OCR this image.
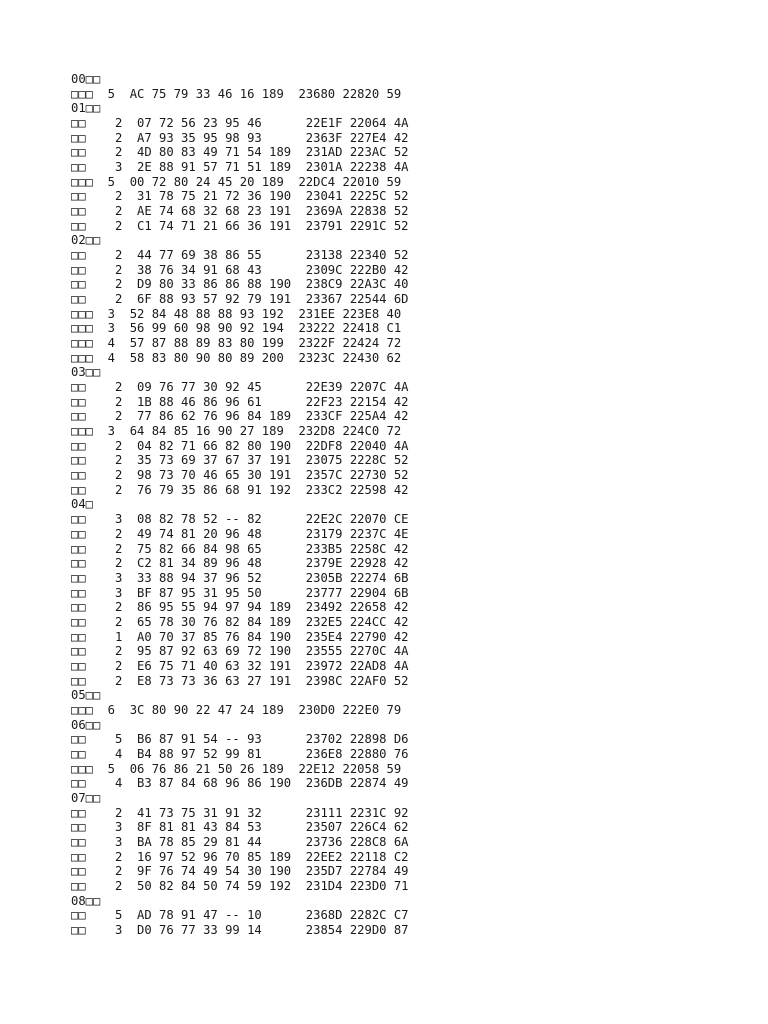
00□□
□□□  5  AC 75 79 33 46 16 189  23680 22820 59
01□□
□□    2  07 72 56 23 95 46      22E1F 22064 4A
□□    2  A7 93 35 95 98 93      2363F 227E4 42
□□    2  4D 80 83 49 71 54 189  231AD 223AC 52
□□    3  2E 88 91 57 71 51 189  2301A 22238 4A
□□□  5  00 72 80 24 45 20 189  22DC4 22010 59
□□    2  31 78 75 21 72 36 190  23041 2225C 52
□□    2  AE 74 68 32 68 23 191  2369A 22838 52
□□    2  C1 74 71 21 66 36 191  23791 2291C 52
02□□
□□    2  44 77 69 38 86 55      23138 22340 52
□□    2  38 76 34 91 68 43      2309C 222B0 42
□□    2  D9 80 33 86 86 88 190  238C9 22A3C 40
□□    2  6F 88 93 57 92 79 191  23367 22544 6D
□□□  3  52 84 48 88 88 93 192  231EE 223E8 40
□□□  3  56 99 60 98 90 92 194  23222 22418 C1
□□□  4  57 87 88 89 83 80 199  2322F 22424 72
□□□  4  58 83 80 90 80 89 200  2323C 22430 62
03□□
□□    2  09 76 77 30 92 45      22E39 2207C 4A
□□    2  1B 88 46 86 96 61      22F23 22154 42
□□    2  77 86 62 76 96 84 189  233CF 225A4 42
□□□  3  64 84 85 16 90 27 189  232D8 224C0 72
□□    2  04 82 71 66 82 80 190  22DF8 22040 4A
□□    2  35 73 69 37 67 37 191  23075 2228C 52
□□    2  98 73 70 46 65 30 191  2357C 22730 52
□□    2  76 79 35 86 68 91 192  233C2 22598 42
04□
□□    3  08 82 78 52 -- 82      22E2C 22070 CE
□□    2  49 74 81 20 96 48      23179 2237C 4E
□□    2  75 82 66 84 98 65      233B5 2258C 42
□□    2  C2 81 34 89 96 48      2379E 22928 42
□□    3  33 88 94 37 96 52      2305B 22274 6B
□□    3  BF 87 95 31 95 50      23777 22904 6B
□□    2  86 95 55 94 97 94 189  23492 22658 42
□□    2  65 78 30 76 82 84 189  232E5 224CC 42
□□    1  A0 70 37 85 76 84 190  235E4 22790 42
□□    2  95 87 92 63 69 72 190  23555 2270C 4A
□□    2  E6 75 71 40 63 32 191  23972 22AD8 4A
□□    2  E8 73 73 36 63 27 191  2398C 22AF0 52
05□□
□□□  6  3C 80 90 22 47 24 189  230D0 222E0 79
06□□
□□    5  B6 87 91 54 -- 93      23702 22898 D6
□□    4  B4 88 97 52 99 81      236E8 22880 76
□□□  5  06 76 86 21 50 26 189  22E12 22058 59
□□    4  B3 87 84 68 96 86 190  236DB 22874 49
07□□
□□    2  41 73 75 31 91 32      23111 2231C 92
□□    3  8F 81 81 43 84 53      23507 226C4 62
□□    3  BA 78 85 29 81 44      23736 228C8 6A
□□    2  16 97 52 96 70 85 189  22EE2 22118 C2
□□    2  9F 76 74 49 54 30 190  235D7 22784 49
□□    2  50 82 84 50 74 59 192  231D4 223D0 71
08□□
□□    5  AD 78 91 47 -- 10      2368D 2282C C7
□□    3  D0 76 77 33 99 14      23854 229D0 87
